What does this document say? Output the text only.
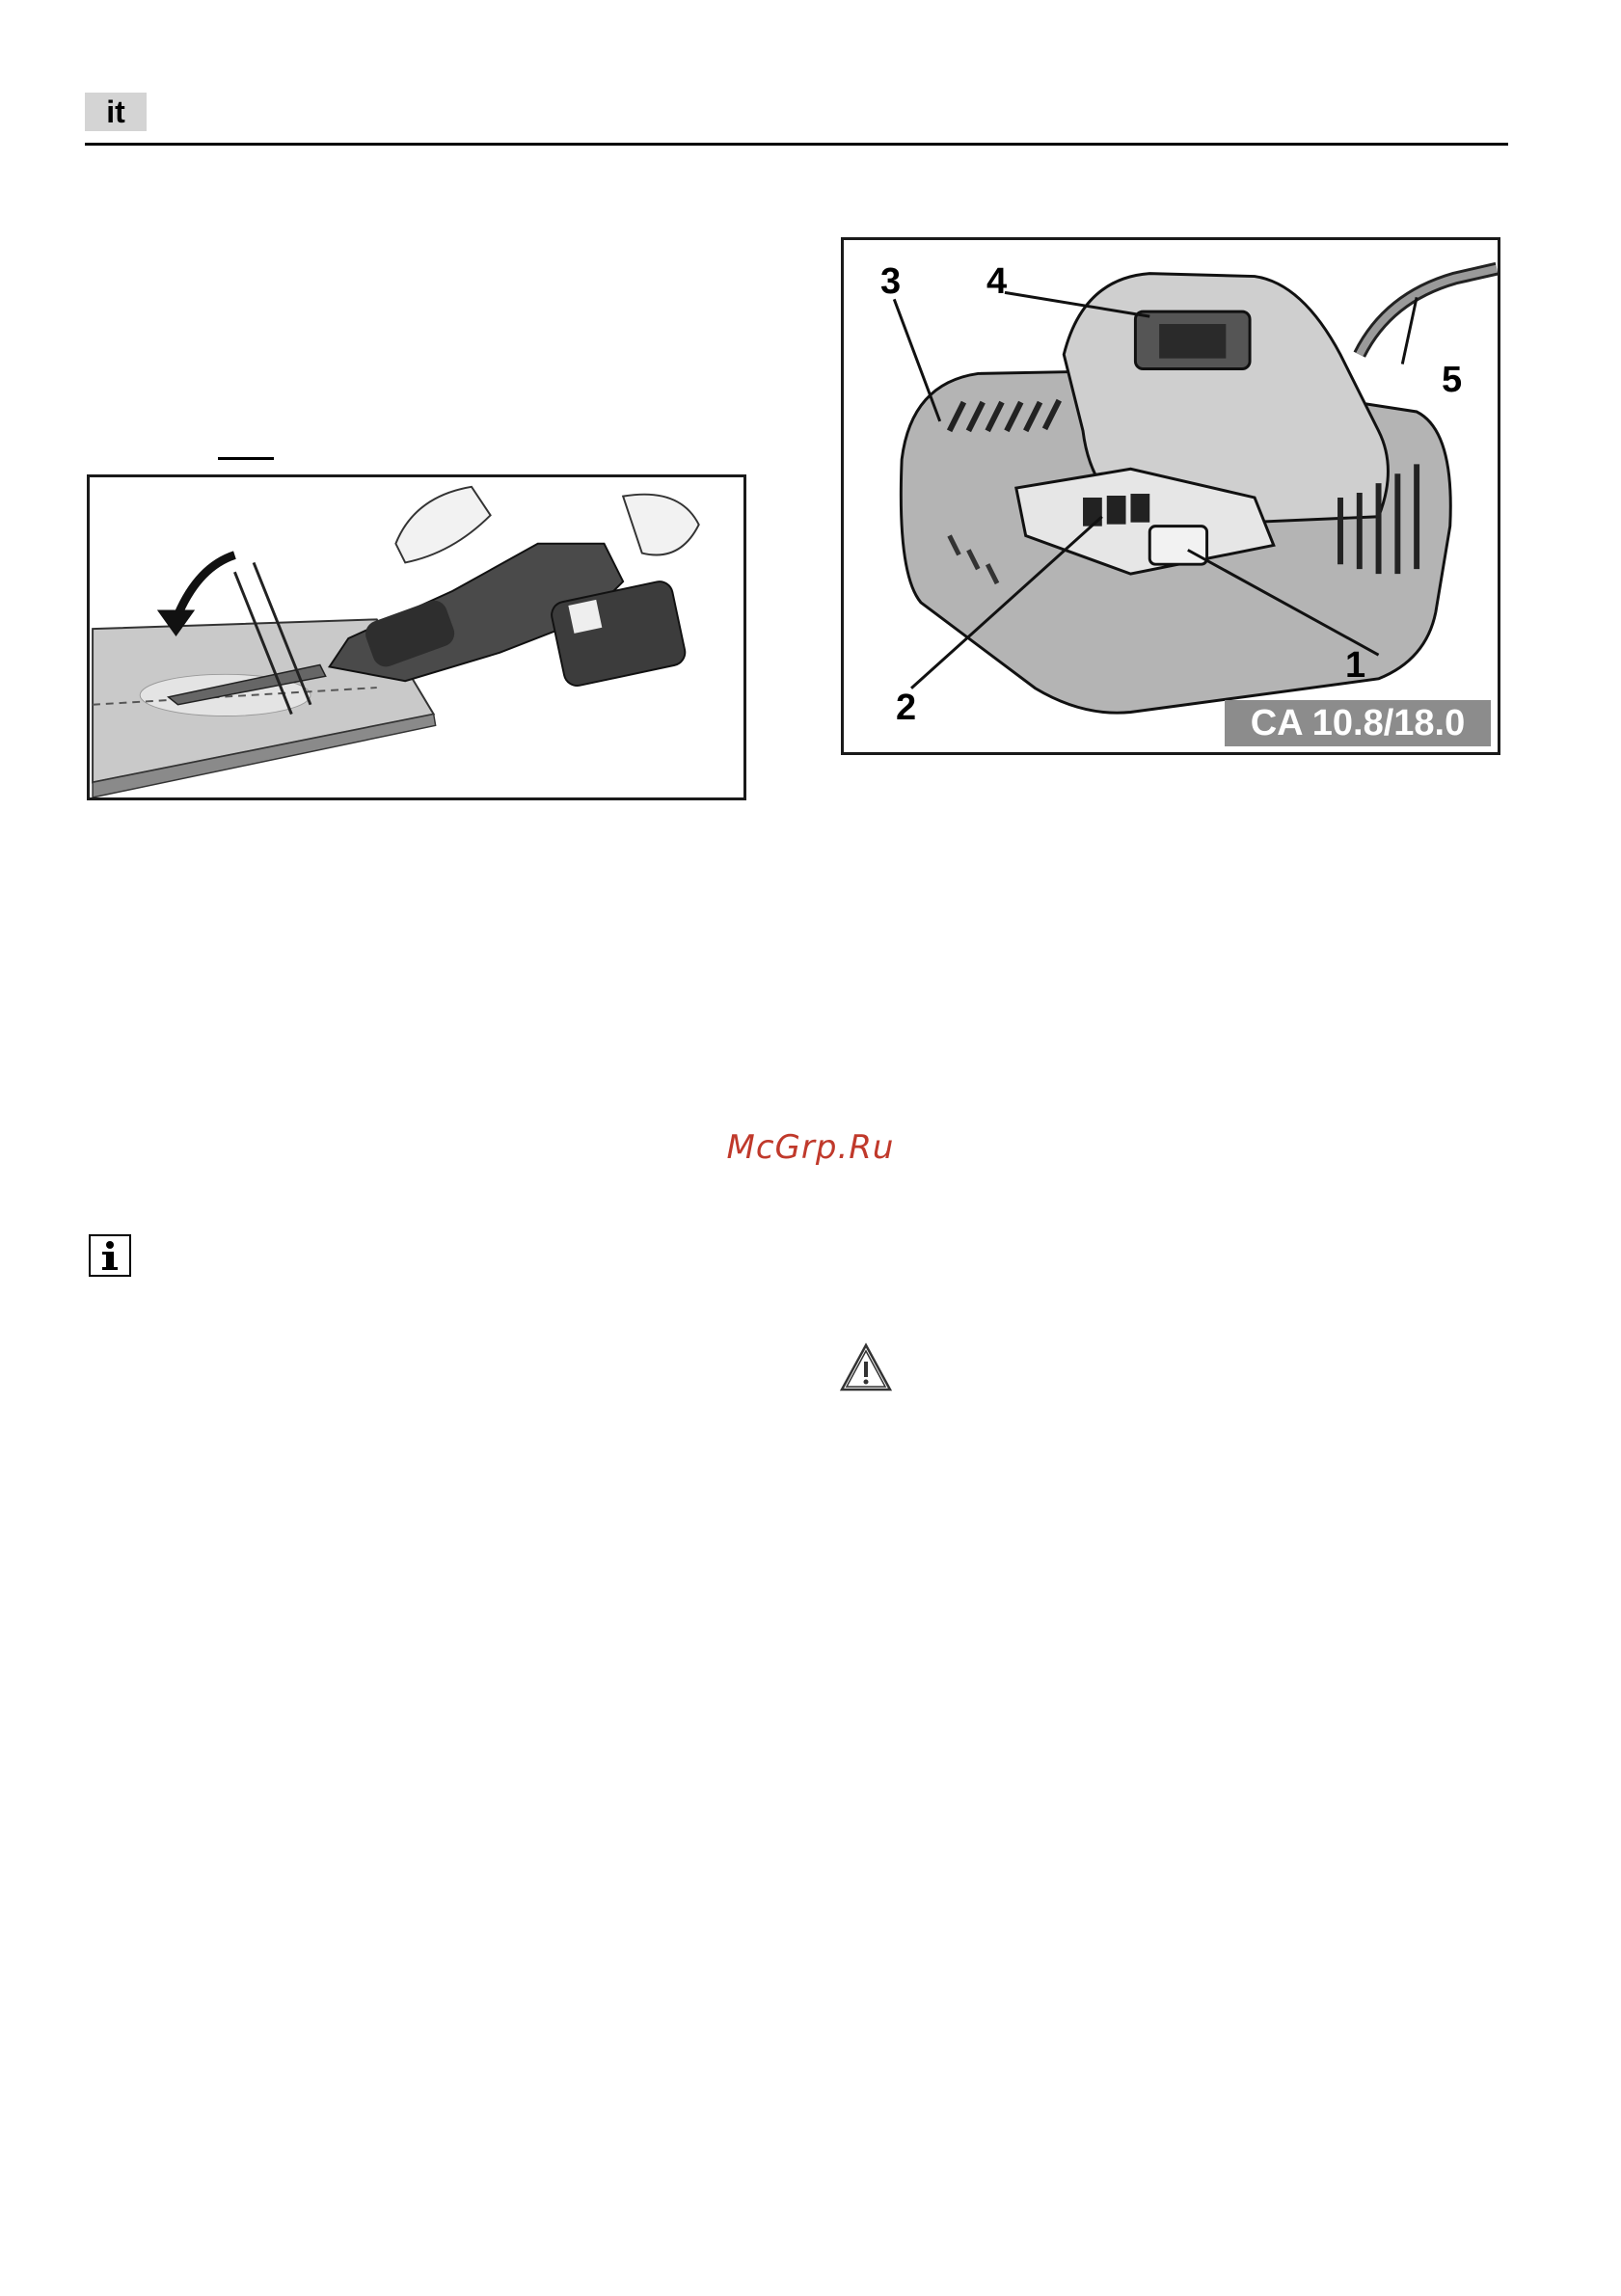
it
3 4
5
1
2	CA 10.8/18.0
McGrp.Ru
